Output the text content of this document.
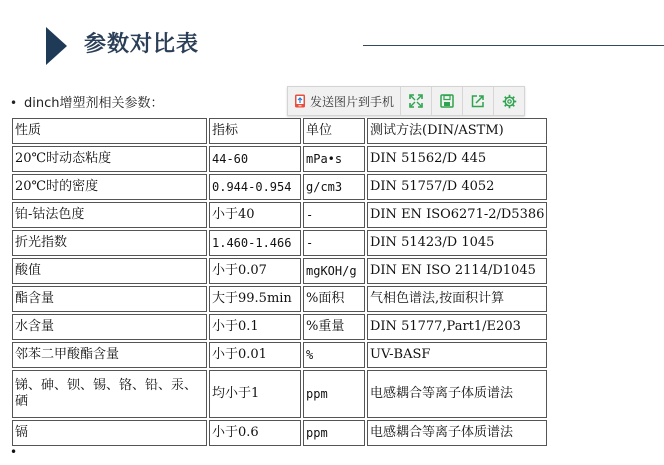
参数对比表
• dinch增塑剂相关参数：	发送图片到手机
性质	指标	单位	测试方法(DIN/ASTM)
20℃时动态粘度	44-60	mPa•s	DIN 51562/D 445
20℃时的密度	0.944-0.954	g/cm3	DIN 51757/D 4052
铂-钴法色度	小于40	-	DIN EN ISO6271-2/D5386
折光指数	1.460-1.466	-	DIN 51423/D 1045
酸值	小于0.07	mgKOH/g	DIN EN ISO 2114/D1045
酯含量	大于99.5min	%面积	气相色谱法,按面积计算
水含量	小于0.1	%重量	DIN 51777,Part1/E203
邻苯二甲酸酯含量	小于0.01	%	UV-BASF
锑、砷、钡、锡、铬、铅、汞、硒	均小于1	ppm	电感耦合等离子体质谱法
镉	小于0.6	ppm	电感耦合等离子体质谱法
•
